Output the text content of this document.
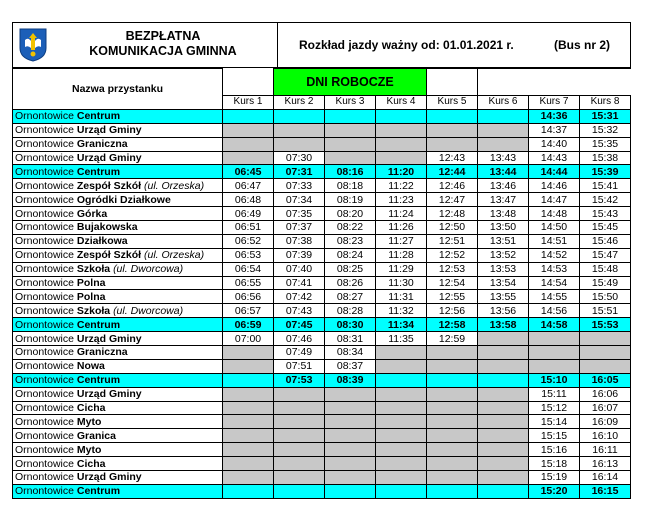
BEZPŁATNA
KOMUNIKACJA GMINNA	Rozkład jazdy ważny od: 01.01.2021 r.	(Bus nr 2)
Nazwa przystanku		DNI ROBOCZE						
	Kurs 1	Kurs 2	Kurs 3	Kurs 4	Kurs 5	Kurs 6	Kurs 7	Kurs 8
Ornontowice Centrum							14:36	15:31
Ornontowice Urząd Gminy							14:37	15:32
Ornontowice Graniczna							14:40	15:35
Ornontowice Urząd Gminy		07:30			12:43	13:43	14:43	15:38
Ornontowice Centrum	06:45	07:31	08:16	11:20	12:44	13:44	14:44	15:39
Ornontowice Zespół Szkół (ul. Orzeska)	06:47	07:33	08:18	11:22	12:46	13:46	14:46	15:41
Ornontowice Ogródki Działkowe	06:48	07:34	08:19	11:23	12:47	13:47	14:47	15:42
Ornontowice Górka	06:49	07:35	08:20	11:24	12:48	13:48	14:48	15:43
Ornontowice Bujakowska	06:51	07:37	08:22	11:26	12:50	13:50	14:50	15:45
Ornontowice Działkowa	06:52	07:38	08:23	11:27	12:51	13:51	14:51	15:46
Ornontowice Zespół Szkół (ul. Orzeska)	06:53	07:39	08:24	11:28	12:52	13:52	14:52	15:47
Ornontowice Szkoła (ul. Dworcowa)	06:54	07:40	08:25	11:29	12:53	13:53	14:53	15:48
Ornontowice Polna	06:55	07:41	08:26	11:30	12:54	13:54	14:54	15:49
Ornontowice Polna	06:56	07:42	08:27	11:31	12:55	13:55	14:55	15:50
Ornontowice Szkoła (ul. Dworcowa)	06:57	07:43	08:28	11:32	12:56	13:56	14:56	15:51
Ornontowice Centrum	06:59	07:45	08:30	11:34	12:58	13:58	14:58	15:53
Ornontowice Urząd Gminy	07:00	07:46	08:31	11:35	12:59			
Ornontowice Graniczna		07:49	08:34					
Ornontowice Nowa		07:51	08:37					
Ornontowice Centrum		07:53	08:39				15:10	16:05
Ornontowice Urząd Gminy							15:11	16:06
Ornontowice Cicha							15:12	16:07
Ornontowice Myto							15:14	16:09
Ornontowice Granica							15:15	16:10
Ornontowice Myto							15:16	16:11
Ornontowice Cicha							15:18	16:13
Ornontowice Urząd Gminy							15:19	16:14
Ornontowice Centrum							15:20	16:15
